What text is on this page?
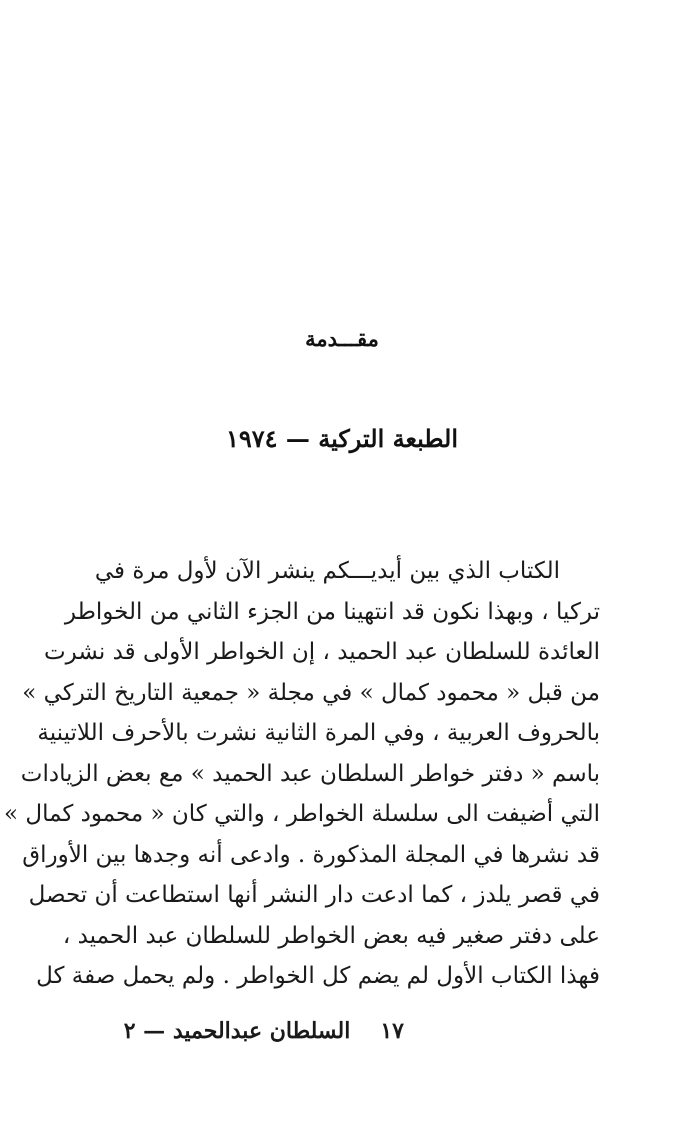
مقـــدمة
الطبعة التركية — ١٩٧٤
الكتاب الذي بين أيديـــكم ينشر الآن لأول مرة في
تركيا ، وبهذا نكون قد انتهينا من الجزء الثاني من الخواطر
العائدة للسلطان عبد الحميد ، إن الخواطر الأولى قد نشرت
من قبل « محمود كمال » في مجلة « جمعية التاريخ التركي »
بالحروف العربية ، وفي المرة الثانية نشرت بالأحرف اللاتينية
باسم « دفتر خواطر السلطان عبد الحميد » مع بعض الزيادات
التي أضيفت الى سلسلة الخواطر ، والتي كان « محمود كمال »
قد نشرها في المجلة المذكورة . وادعى أنه وجدها بين الأوراق
في قصر يلدز ، كما ادعت دار النشر أنها استطاعت أن تحصل
على دفتر صغير فيه بعض الخواطر للسلطان عبد الحميد ،
فهذا الكتاب الأول لم يضم كل الخواطر . ولم يحمل صفة كل
١٧
السلطان عبدالحميد — ٢
